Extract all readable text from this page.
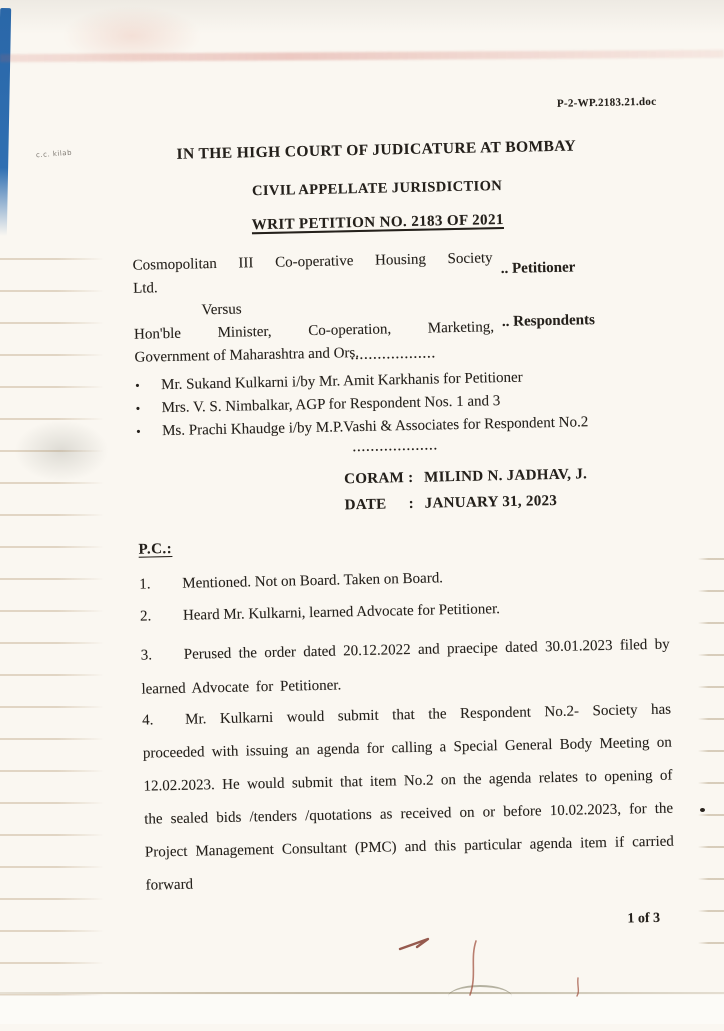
c.c. kilab
P-2-WP.2183.21.doc
IN THE HIGH COURT OF JUDICATURE AT BOMBAY
CIVIL APPELLATE JURISDICTION
WRIT PETITION NO. 2183 OF 2021
Cosmopolitan III Co-operative Housing Society
Ltd.
.. Petitioner
Versus
Hon'ble Minister, Co-operation, Marketing,
Government of Maharashtra and Ors.
.. Respondents
...................
•	Mr. Sukand Kulkarni i/by Mr. Amit Karkhanis for Petitioner
•	Mrs. V. S. Nimbalkar, AGP for Respondent Nos. 1 and 3
•	Ms. Prachi Khaudge i/by M.P.Vashi & Associates for Respondent No.2
...................
CORAM : MILIND N. JADHAV, J.
DATE	: JANUARY 31, 2023
P.C.:
1.	Mentioned. Not on Board. Taken on Board.
2.	Heard Mr. Kulkarni, learned Advocate for Petitioner.
3.	Perused the order dated 20.12.2022 and praecipe dated 30.01.2023 filed by learned Advocate for Petitioner.
4.	Mr. Kulkarni would submit that the Respondent No.2- Society has proceeded with issuing an agenda for calling a Special General Body Meeting on 12.02.2023. He would submit that item No.2 on the agenda relates to opening of the sealed bids /tenders /quotations as received on or before 10.02.2023, for the Project Management Consultant (PMC) and this particular agenda item if carried forward
1 of 3
